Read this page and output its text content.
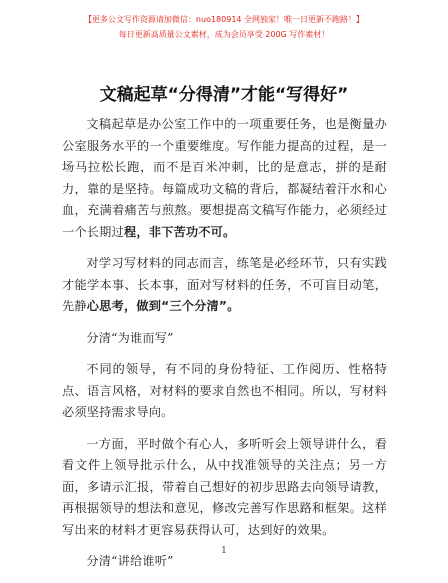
【更多公文写作资源请加微信：nuo180914 全网独家！唯一日更新不跑路！】
每日更新高质量公文素材，成为会员享受 200G 写作素材！
文稿起草“分得清”才能“写得好”

文稿起草是办公室工作中的一项重要任务，也是衡量办公室服务水平的一个重要维度。写作能力提高的过程，是一场马拉松长跑，而不是百米冲刺，比的是意志，拼的是耐力，靠的是坚持。每篇成功文稿的背后，都凝结着汗水和心血，充满着痛苦与煎熬。要想提高文稿写作能力，必须经过一个长期过程，非下苦功不可。

对学习写材料的同志而言，练笔是必经环节，只有实践才能学本事、长本事，面对写材料的任务，不可盲目动笔，先静心思考，做到“三个分清”。

分清“为谁而写”

不同的领导，有不同的身份特征、工作阅历、性格特点、语言风格，对材料的要求自然也不相同。所以，写材料必须坚持需求导向。

一方面，平时做个有心人，多听听会上领导讲什么，看看文件上领导批示什么，从中找准领导的关注点；另一方面，多请示汇报，带着自己想好的初步思路去向领导请教，再根据领导的想法和意见，修改完善写作思路和框架。这样写出来的材料才更容易获得认可，达到好的效果。

分清“讲给谁听”

1
